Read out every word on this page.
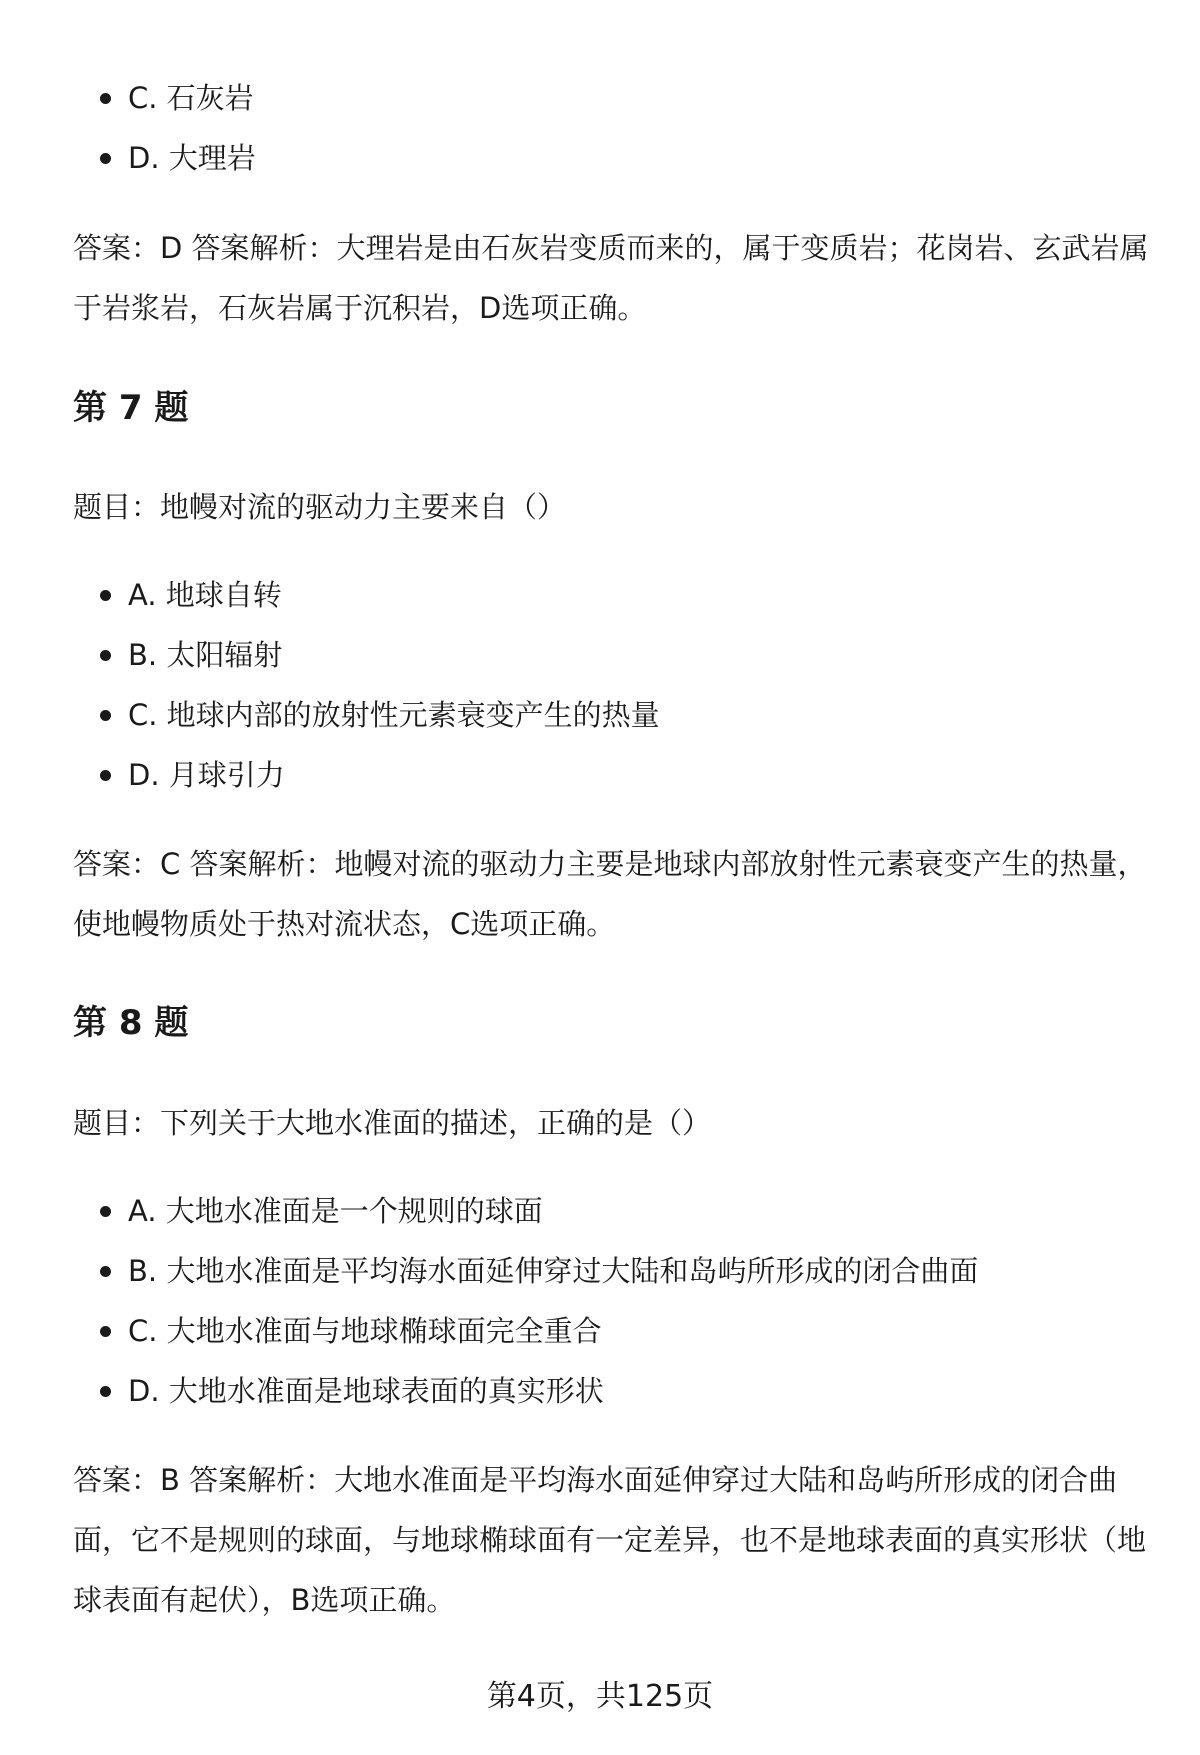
C. 石灰岩
D. 大理岩
答案：D 答案解析：大理岩是由石灰岩变质而来的，属于变质岩；花岗岩、玄武岩属于岩浆岩，石灰岩属于沉积岩，D选项正确。
第 7 题
题目：地幔对流的驱动力主要来自（）
A. 地球自转
B. 太阳辐射
C. 地球内部的放射性元素衰变产生的热量
D. 月球引力
答案：C 答案解析：地幔对流的驱动力主要是地球内部放射性元素衰变产生的热量，使地幔物质处于热对流状态，C选项正确。
第 8 题
题目：下列关于大地水准面的描述，正确的是（）
A. 大地水准面是一个规则的球面
B. 大地水准面是平均海水面延伸穿过大陆和岛屿所形成的闭合曲面
C. 大地水准面与地球椭球面完全重合
D. 大地水准面是地球表面的真实形状
答案：B 答案解析：大地水准面是平均海水面延伸穿过大陆和岛屿所形成的闭合曲面，它不是规则的球面，与地球椭球面有一定差异，也不是地球表面的真实形状（地球表面有起伏），B选项正确。
第4页，共125页
